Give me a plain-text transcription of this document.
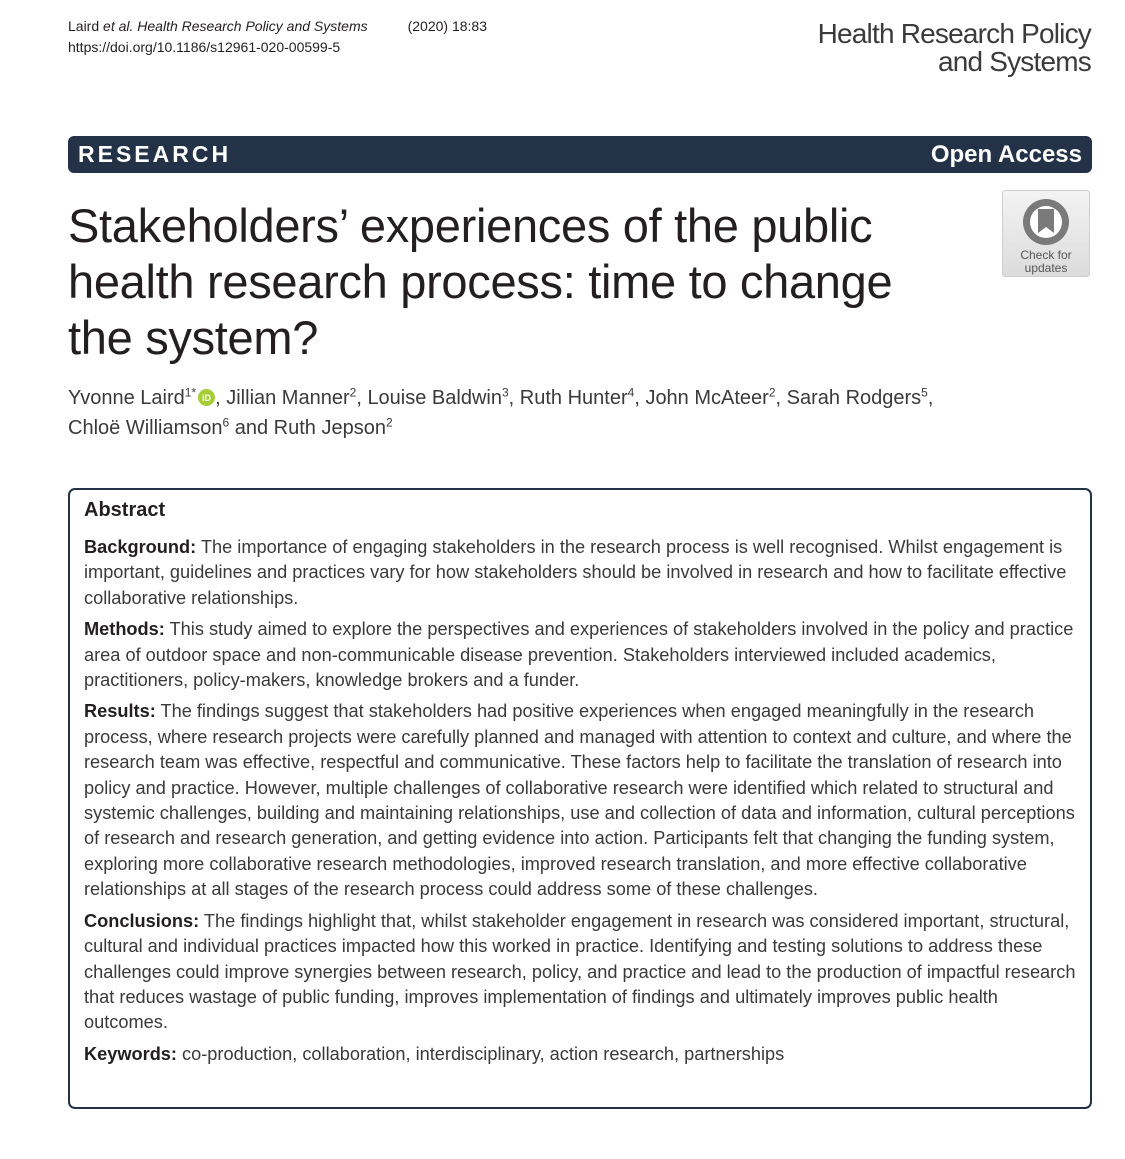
Laird et al. Health Research Policy and Systems	(2020) 18:83
https://doi.org/10.1186/s12961-020-00599-5	Health Research Policy
and Systems
RESEARCH	Open Access
Stakeholders’ experiences of the public health research process: time to change the system?
Check for
updates
Yvonne Laird$^{1*}$ iD , Jillian Manner$^2$, Louise Baldwin$^3$, Ruth Hunter$^4$, John McAteer$^2$, Sarah Rodgers$^5$,
Chloë Williamson$^6$ and Ruth Jepson$^2$
Abstract

Background: The importance of engaging stakeholders in the research process is well recognised. Whilst engagement is important, guidelines and practices vary for how stakeholders should be involved in research and how to facilitate effective collaborative relationships.

Methods: This study aimed to explore the perspectives and experiences of stakeholders involved in the policy and practice area of outdoor space and non-communicable disease prevention. Stakeholders interviewed included academics, practitioners, policy-makers, knowledge brokers and a funder.

Results: The findings suggest that stakeholders had positive experiences when engaged meaningfully in the research process, where research projects were carefully planned and managed with attention to context and culture, and where the research team was effective, respectful and communicative. These factors help to facilitate the translation of research into policy and practice. However, multiple challenges of collaborative research were identified which related to structural and systemic challenges, building and maintaining relationships, use and collection of data and information, cultural perceptions of research and research generation, and getting evidence into action. Participants felt that changing the funding system, exploring more collaborative research methodologies, improved research translation, and more effective collaborative relationships at all stages of the research process could address some of these challenges.

Conclusions: The findings highlight that, whilst stakeholder engagement in research was considered important, structural, cultural and individual practices impacted how this worked in practice. Identifying and testing solutions to address these challenges could improve synergies between research, policy, and practice and lead to the production of impactful research that reduces wastage of public funding, improves implementation of findings and ultimately improves public health outcomes.

Keywords: co-production, collaboration, interdisciplinary, action research, partnerships
